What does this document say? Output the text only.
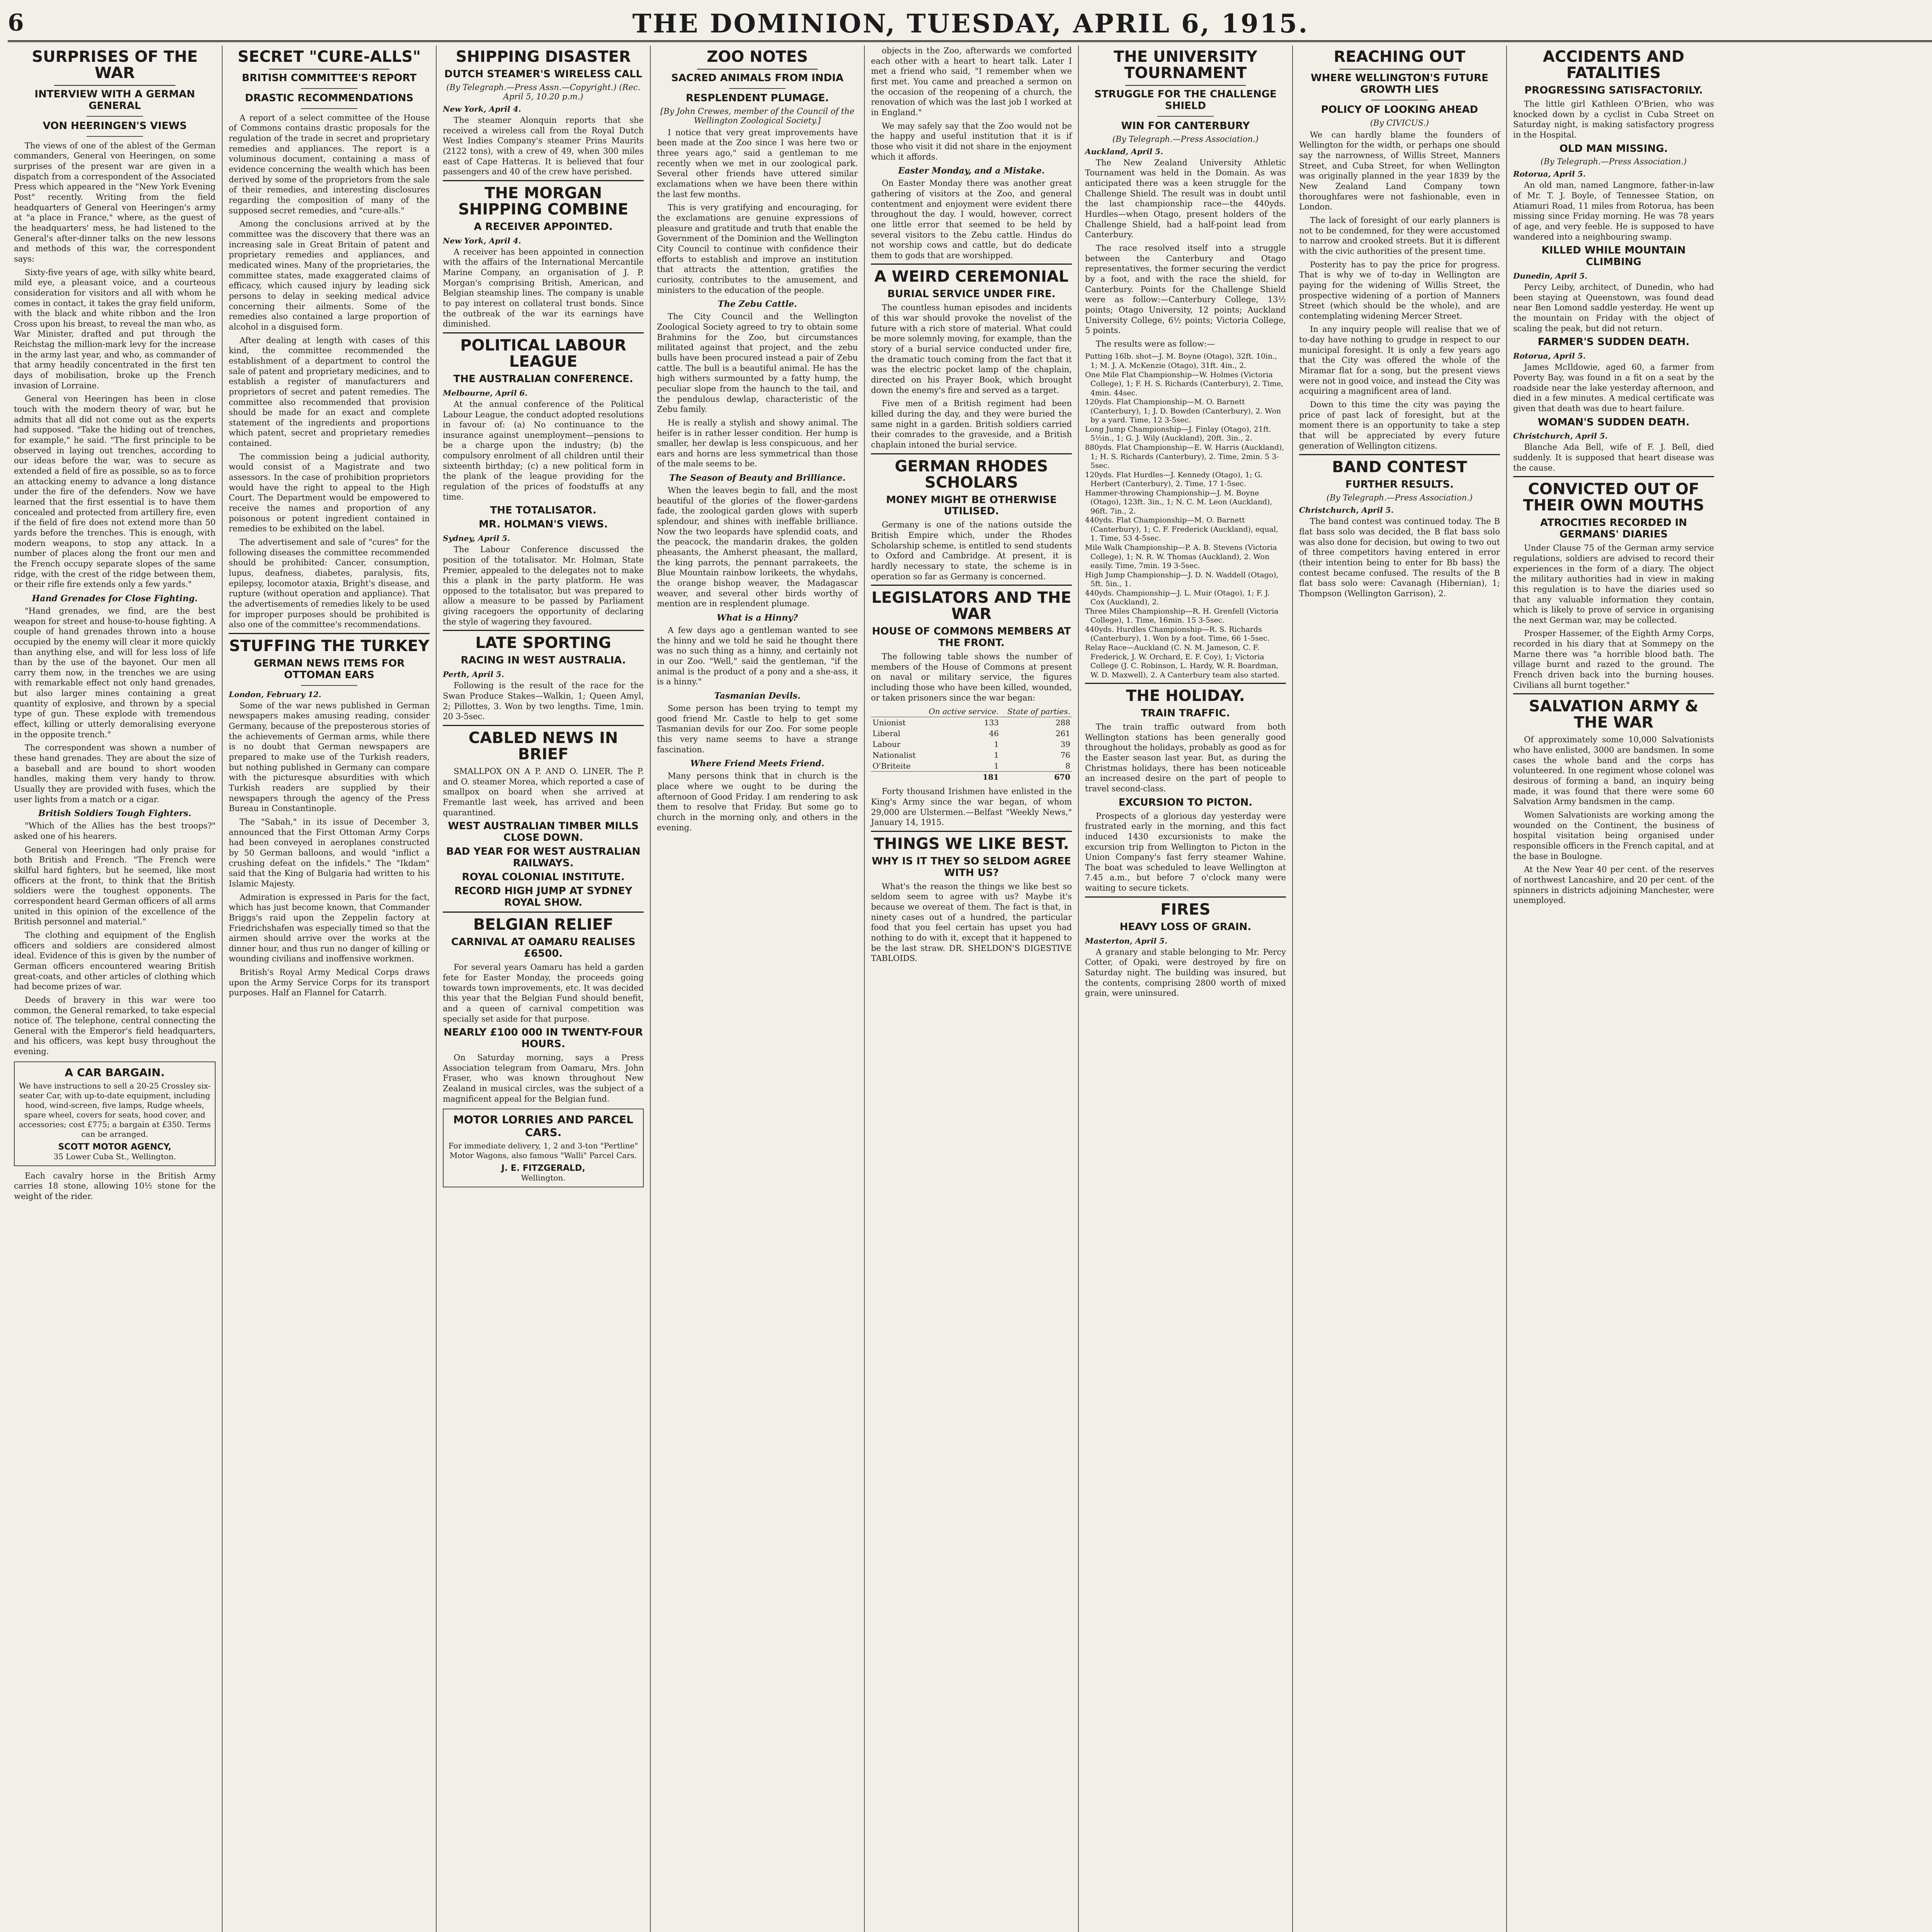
6	THE DOMINION, TUESDAY, APRIL 6, 1915.
SURPRISES OF THE WAR
INTERVIEW WITH A GERMAN GENERAL
VON HEERINGEN'S VIEWS

The views of one of the ablest of the German commanders, General von Heeringen, on some surprises of the present war are given in a dispatch from a correspondent of the Associated Press which appeared in the "New York Evening Post" recently. Writing from the field headquarters of General von Heeringen's army at "a place in France," where, as the guest of the headquarters' mess, he had listened to the General's after-dinner talks on the new lessons and methods of this war, the correspondent says:

Sixty-five years of age, with silky white beard, mild eye, a pleasant voice, and a courteous consideration for visitors and all with whom he comes in contact, it takes the gray field uniform, with the black and white ribbon and the Iron Cross upon his breast, to reveal the man who, as War Minister, drafted and put through the Reichstag the million-mark levy for the increase in the army last year, and who, as commander of that army headily concentrated in the first ten days of mobilisation, broke up the French invasion of Lorraine.

General von Heeringen has been in close touch with the modern theory of war, but he admits that all did not come out as the experts had supposed. "Take the hiding out of trenches, for example," he said. "The first principle to be observed in laying out trenches, according to our ideas before the war, was to secure as extended a field of fire as possible, so as to force an attacking enemy to advance a long distance under the fire of the defenders. Now we have learned that the first essential is to have them concealed and protected from artillery fire, even if the field of fire does not extend more than 50 yards before the trenches. This is enough, with modern weapons, to stop any attack. In a number of places along the front our men and the French occupy separate slopes of the same ridge, with the crest of the ridge between them, or their rifle fire extends only a few yards."

Hand Grenades for Close Fighting.

"Hand grenades, we find, are the best weapon for street and house-to-house fighting. A couple of hand grenades thrown into a house occupied by the enemy will clear it more quickly than anything else, and will for less loss of life than by the use of the bayonet. Our men all carry them now, in the trenches we are using with remarkable effect not only hand grenades, but also larger mines containing a great quantity of explosive, and thrown by a special type of gun. These explode with tremendous effect, killing or utterly demoralising everyone in the opposite trench."

The correspondent was shown a number of these hand grenades. They are about the size of a baseball and are bound to short wooden handles, making them very handy to throw. Usually they are provided with fuses, which the user lights from a match or a cigar.

British Soldiers Tough Fighters.

"Which of the Allies has the best troops?" asked one of his hearers.

General von Heeringen had only praise for both British and French. "The French were skilful hard fighters, but he seemed, like most officers at the front, to think that the British soldiers were the toughest opponents. The correspondent heard German officers of all arms united in this opinion of the excellence of the British personnel and material."

The clothing and equipment of the English officers and soldiers are considered almost ideal. Evidence of this is given by the number of German officers encountered wearing British great-coats, and other articles of clothing which had become prizes of war.

Deeds of bravery in this war were too common, the General remarked, to take especial notice of. The telephone, central connecting the General with the Emperor's field headquarters, and his officers, was kept busy throughout the evening.

A CAR BARGAIN.
We have instructions to sell a 20-25 Crossley six-seater Car, with up-to-date equipment, including hood, wind-screen, five lamps, Rudge wheels, spare wheel, covers for seats, hood cover, and accessories; cost £775; a bargain at £350. Terms can be arranged.
SCOTT MOTOR AGENCY,
35 Lower Cuba St., Wellington.

Each cavalry horse in the British Army carries 18 stone, allowing 10½ stone for the weight of the rider.

SECRET "CURE-ALLS"
BRITISH COMMITTEE'S REPORT
DRASTIC RECOMMENDATIONS

A report of a select committee of the House of Commons contains drastic proposals for the regulation of the trade in secret and proprietary remedies and appliances. The report is a voluminous document, containing a mass of evidence concerning the wealth which has been derived by some of the proprietors from the sale of their remedies, and interesting disclosures regarding the composition of many of the supposed secret remedies, and "cure-alls."

Among the conclusions arrived at by the committee was the discovery that there was an increasing sale in Great Britain of patent and proprietary remedies and appliances, and medicated wines. Many of the proprietaries, the committee states, made exaggerated claims of efficacy, which caused injury by leading sick persons to delay in seeking medical advice concerning their ailments. Some of the remedies also contained a large proportion of alcohol in a disguised form.

After dealing at length with cases of this kind, the committee recommended the establishment of a department to control the sale of patent and proprietary medicines, and to establish a register of manufacturers and proprietors of secret and patent remedies. The committee also recommended that provision should be made for an exact and complete statement of the ingredients and proportions which patent, secret and proprietary remedies contained.

The commission being a judicial authority, would consist of a Magistrate and two assessors. In the case of prohibition proprietors would have the right to appeal to the High Court. The Department would be empowered to receive the names and proportion of any poisonous or potent ingredient contained in remedies to be exhibited on the label.

The advertisement and sale of "cures" for the following diseases the committee recommended should be prohibited: Cancer, consumption, lupus, deafness, diabetes, paralysis, fits, epilepsy, locomotor ataxia, Bright's disease, and rupture (without operation and appliance). That the advertisements of remedies likely to be used for improper purposes should be prohibited is also one of the committee's recommendations.

STUFFING THE TURKEY
GERMAN NEWS ITEMS FOR OTTOMAN EARS
London, February 12.

Some of the war news published in German newspapers makes amusing reading, consider Germany, because of the preposterous stories of the achievements of German arms, while there is no doubt that German newspapers are prepared to make use of the Turkish readers, but nothing published in Germany can compare with the picturesque absurdities with which Turkish readers are supplied by their newspapers through the agency of the Press Bureau in Constantinople.

The "Sabah," in its issue of December 3, announced that the First Ottoman Army Corps had been conveyed in aeroplanes constructed by 50 German balloons, and would "inflict a crushing defeat on the infidels." The "Ikdam" said that the King of Bulgaria had written to his Islamic Majesty.

Admiration is expressed in Paris for the fact, which has just become known, that Commander Briggs's raid upon the Zeppelin factory at Friedrichshafen was especially timed so that the airmen should arrive over the works at the dinner hour, and thus run no danger of killing or wounding civilians and inoffensive workmen.

British's Royal Army Medical Corps draws upon the Army Service Corps for its transport purposes. Half an Flannel for Catarrh.

SHIPPING DISASTER
DUTCH STEAMER'S WIRELESS CALL
(By Telegraph.—Press Assn.—Copyright.) (Rec. April 5, 10.20 p.m.)
New York, April 4.

The steamer Alonquin reports that she received a wireless call from the Royal Dutch West Indies Company's steamer Prins Maurits (2122 tons), with a crew of 49, when 300 miles east of Cape Hatteras. It is believed that four passengers and 40 of the crew have perished.

THE MORGAN SHIPPING COMBINE
A RECEIVER APPOINTED.
New York, April 4.

A receiver has been appointed in connection with the affairs of the International Mercantile Marine Company, an organisation of J. P. Morgan's comprising British, American, and Belgian steamship lines. The company is unable to pay interest on collateral trust bonds. Since the outbreak of the war its earnings have diminished.

POLITICAL LABOUR LEAGUE
THE AUSTRALIAN CONFERENCE.
Melbourne, April 6.

At the annual conference of the Political Labour League, the conduct adopted resolutions in favour of: (a) No continuance to the insurance against unemployment—pensions to be a charge upon the industry; (b) the compulsory enrolment of all children until their sixteenth birthday; (c) a new political form in the plank of the league providing for the regulation of the prices of foodstuffs at any time.

THE TOTALISATOR.
MR. HOLMAN'S VIEWS.
Sydney, April 5.

The Labour Conference discussed the position of the totalisator. Mr. Holman, State Premier, appealed to the delegates not to make this a plank in the party platform. He was opposed to the totalisator, but was prepared to allow a measure to be passed by Parliament giving racegoers the opportunity of declaring the style of wagering they favoured.

LATE SPORTING
RACING IN WEST AUSTRALIA.
Perth, April 5.

Following is the result of the race for the Swan Produce Stakes—Walkin, 1; Queen Amyl, 2; Pillottes, 3. Won by two lengths. Time, 1min. 20 3-5sec.

CABLED NEWS IN BRIEF

SMALLPOX ON A P. AND O. LINER. The P. and O. steamer Morea, which reported a case of smallpox on board when she arrived at Fremantle last week, has arrived and been quarantined.

WEST AUSTRALIAN TIMBER MILLS CLOSE DOWN.
BAD YEAR FOR WEST AUSTRALIAN RAILWAYS.
ROYAL COLONIAL INSTITUTE.
RECORD HIGH JUMP AT SYDNEY ROYAL SHOW.
BELGIAN RELIEF
CARNIVAL AT OAMARU REALISES £6500.

For several years Oamaru has held a garden fete for Easter Monday, the proceeds going towards town improvements, etc. It was decided this year that the Belgian Fund should benefit, and a queen of carnival competition was specially set aside for that purpose.

NEARLY £100 000 IN TWENTY-FOUR HOURS.

On Saturday morning, says a Press Association telegram from Oamaru, Mrs. John Fraser, who was known throughout New Zealand in musical circles, was the subject of a magnificent appeal for the Belgian fund.

MOTOR LORRIES AND PARCEL CARS.
For immediate delivery, 1, 2 and 3-ton "Pertline" Motor Wagons, also famous "Walli" Parcel Cars.
J. E. FITZGERALD,
Wellington.
ZOO NOTES
SACRED ANIMALS FROM INDIA
RESPLENDENT PLUMAGE.
[By John Crewes, member of the Council of the Wellington Zoological Society.]

I notice that very great improvements have been made at the Zoo since I was here two or three years ago," said a gentleman to me recently when we met in our zoological park. Several other friends have uttered similar exclamations when we have been there within the last few months.

This is very gratifying and encouraging, for the exclamations are genuine expressions of pleasure and gratitude and truth that enable the Government of the Dominion and the Wellington City Council to continue with confidence their efforts to establish and improve an institution that attracts the attention, gratifies the curiosity, contributes to the amusement, and ministers to the education of the people.

The Zebu Cattle.

The City Council and the Wellington Zoological Society agreed to try to obtain some Brahmins for the Zoo, but circumstances militated against that project, and the zebu bulls have been procured instead a pair of Zebu cattle. The bull is a beautiful animal. He has the high withers surmounted by a fatty hump, the peculiar slope from the haunch to the tail, and the pendulous dewlap, characteristic of the Zebu family.

He is really a stylish and showy animal. The heifer is in rather lesser condition. Her hump is smaller, her dewlap is less conspicuous, and her ears and horns are less symmetrical than those of the male seems to be.

The Season of Beauty and Brilliance.

When the leaves begin to fall, and the most beautiful of the glories of the flower-gardens fade, the zoological garden glows with superb splendour, and shines with ineffable brilliance. Now the two leopards have splendid coats, and the peacock, the mandarin drakes, the golden pheasants, the Amherst pheasant, the mallard, the king parrots, the pennant parrakeets, the Blue Mountain rainbow lorikeets, the whydahs, the orange bishop weaver, the Madagascar weaver, and several other birds worthy of mention are in resplendent plumage.

What is a Hinny?

A few days ago a gentleman wanted to see the hinny and we told he said he thought there was no such thing as a hinny, and certainly not in our Zoo. "Well," said the gentleman, "if the animal is the product of a pony and a she-ass, it is a hinny."

Tasmanian Devils.

Some person has been trying to tempt my good friend Mr. Castle to help to get some Tasmanian devils for our Zoo. For some people this very name seems to have a strange fascination.

Where Friend Meets Friend.

Many persons think that in church is the place where we ought to be during the afternoon of Good Friday. I am rendering to ask them to resolve that Friday. But some go to church in the morning only, and others in the evening.

objects in the Zoo, afterwards we comforted each other with a heart to heart talk. Later I met a friend who said, "I remember when we first met. You came and preached a sermon on the occasion of the reopening of a church, the renovation of which was the last job I worked at in England."

We may safely say that the Zoo would not be the happy and useful institution that it is if those who visit it did not share in the enjoyment which it affords.

Easter Monday, and a Mistake.

On Easter Monday there was another great gathering of visitors at the Zoo, and general contentment and enjoyment were evident there throughout the day. I would, however, correct one little error that seemed to be held by several visitors to the Zebu cattle. Hindus do not worship cows and cattle, but do dedicate them to gods that are worshipped.

A WEIRD CEREMONIAL
BURIAL SERVICE UNDER FIRE.

The countless human episodes and incidents of this war should provoke the novelist of the future with a rich store of material. What could be more solemnly moving, for example, than the story of a burial service conducted under fire, the dramatic touch coming from the fact that it was the electric pocket lamp of the chaplain, directed on his Prayer Book, which brought down the enemy's fire and served as a target.

Five men of a British regiment had been killed during the day, and they were buried the same night in a garden. British soldiers carried their comrades to the graveside, and a British chaplain intoned the burial service.

GERMAN RHODES SCHOLARS
MONEY MIGHT BE OTHERWISE UTILISED.

Germany is one of the nations outside the British Empire which, under the Rhodes Scholarship scheme, is entitled to send students to Oxford and Cambridge. At present, it is hardly necessary to state, the scheme is in operation so far as Germany is concerned.

LEGISLATORS AND THE WAR
HOUSE OF COMMONS MEMBERS AT THE FRONT.

The following table shows the number of members of the House of Commons at present on naval or military service, the figures including those who have been killed, wounded, or taken prisoners since the war began:

	On active service.	State of parties.
Unionist	133	288
Liberal	46	261
Labour	1	39
Nationalist	1	76
O'Briteite	1	8
	181	670

Forty thousand Irishmen have enlisted in the King's Army since the war began, of whom 29,000 are Ulstermen.—Belfast "Weekly News," January 14, 1915.

THINGS WE LIKE BEST.
WHY IS IT THEY SO SELDOM AGREE WITH US?

What's the reason the things we like best so seldom seem to agree with us? Maybe it's because we overeat of them. The fact is that, in ninety cases out of a hundred, the particular food that you feel certain has upset you had nothing to do with it, except that it happened to be the last straw. DR. SHELDON'S DIGESTIVE TABLOIDS.

THE UNIVERSITY TOURNAMENT
STRUGGLE FOR THE CHALLENGE SHIELD
WIN FOR CANTERBURY
(By Telegraph.—Press Association.)
Auckland, April 5.

The New Zealand University Athletic Tournament was held in the Domain. As was anticipated there was a keen struggle for the Challenge Shield. The result was in doubt until the last championship race—the 440yds. Hurdles—when Otago, present holders of the Challenge Shield, had a half-point lead from Canterbury.

The race resolved itself into a struggle between the Canterbury and Otago representatives, the former securing the verdict by a foot, and with the race the shield, for Canterbury. Points for the Challenge Shield were as follow:—Canterbury College, 13½ points; Otago University, 12 points; Auckland University College, 6½ points; Victoria College, 5 points.

The results were as follow:—

Putting 16lb. shot—J. M. Boyne (Otago), 32ft. 10in., 1; M. J. A. McKenzie (Otago), 31ft. 4in., 2.
One Mile Flat Championship—W. Holmes (Victoria College), 1; F. H. S. Richards (Canterbury), 2. Time, 4min. 44sec.
120yds. Flat Championship—M. O. Barnett (Canterbury), 1; J. D. Bowden (Canterbury), 2. Won by a yard. Time, 12 3-5sec.
Long Jump Championship—J. Finlay (Otago), 21ft. 5½in., 1; G. J. Wily (Auckland), 20ft. 3in., 2.
880yds. Flat Championship—E. W. Harris (Auckland), 1; H. S. Richards (Canterbury), 2. Time, 2min. 5 3-5sec.
120yds. Flat Hurdles—J. Kennedy (Otago), 1; G. Herbert (Canterbury), 2. Time, 17 1-5sec.
Hammer-throwing Championship—J. M. Boyne (Otago), 123ft. 3in., 1; N. C. M. Leon (Auckland), 96ft. 7in., 2.
440yds. Flat Championship—M. O. Barnett (Canterbury), 1; C. F. Frederick (Auckland), equal, 1. Time, 53 4-5sec.
Mile Walk Championship—P. A. B. Stevens (Victoria College), 1; N. R. W. Thomas (Auckland), 2. Won easily. Time, 7min. 19 3-5sec.
High Jump Championship—J. D. N. Waddell (Otago), 5ft. 5in., 1.
440yds. Championship—J. L. Muir (Otago), 1; F. J. Cox (Auckland), 2.
Three Miles Championship—R. H. Grenfell (Victoria College), 1. Time, 16min. 15 3-5sec.
440yds. Hurdles Championship—R. S. Richards (Canterbury), 1. Won by a foot. Time, 66 1-5sec.
Relay Race—Auckland (C. N. M. Jameson, C. F. Frederick, J. W. Orchard, E. F. Coy), 1; Victoria College (J. C. Robinson, L. Hardy, W. R. Boardman, W. D. Maxwell), 2. A Canterbury team also started.
THE HOLIDAY.
TRAIN TRAFFIC.

The train traffic outward from both Wellington stations has been generally good throughout the holidays, probably as good as for the Easter season last year. But, as during the Christmas holidays, there has been noticeable an increased desire on the part of people to travel second-class.

EXCURSION TO PICTON.

Prospects of a glorious day yesterday were frustrated early in the morning, and this fact induced 1430 excursionists to make the excursion trip from Wellington to Picton in the Union Company's fast ferry steamer Wahine. The boat was scheduled to leave Wellington at 7.45 a.m., but before 7 o'clock many were waiting to secure tickets.

FIRES
HEAVY LOSS OF GRAIN.
Masterton, April 5.

A granary and stable belonging to Mr. Percy Cotter, of Opaki, were destroyed by fire on Saturday night. The building was insured, but the contents, comprising 2800 worth of mixed grain, were uninsured.

REACHING OUT
WHERE WELLINGTON'S FUTURE GROWTH LIES
POLICY OF LOOKING AHEAD
(By CIVICUS.)

We can hardly blame the founders of Wellington for the width, or perhaps one should say the narrowness, of Willis Street, Manners Street, and Cuba Street, for when Wellington was originally planned in the year 1839 by the New Zealand Land Company town thoroughfares were not fashionable, even in London.

The lack of foresight of our early planners is not to be condemned, for they were accustomed to narrow and crooked streets. But it is different with the civic authorities of the present time.

Posterity has to pay the price for progress. That is why we of to-day in Wellington are paying for the widening of Willis Street, the prospective widening of a portion of Manners Street (which should be the whole), and are contemplating widening Mercer Street.

In any inquiry people will realise that we of to-day have nothing to grudge in respect to our municipal foresight. It is only a few years ago that the City was offered the whole of the Miramar flat for a song, but the present views were not in good voice, and instead the City was acquiring a magnificent area of land.

Down to this time the city was paying the price of past lack of foresight, but at the moment there is an opportunity to take a step that will be appreciated by every future generation of Wellington citizens.

BAND CONTEST
FURTHER RESULTS.
(By Telegraph.—Press Association.)
Christchurch, April 5.

The band contest was continued today. The B flat bass solo was decided, the B flat bass solo was also done for decision, but owing to two out of three competitors having entered in error (their intention being to enter for Bb bass) the contest became confused. The results of the B flat bass solo were: Cavanagh (Hibernian), 1; Thompson (Wellington Garrison), 2.

ACCIDENTS AND FATALITIES
PROGRESSING SATISFACTORILY.

The little girl Kathleen O'Brien, who was knocked down by a cyclist in Cuba Street on Saturday night, is making satisfactory progress in the Hospital.

OLD MAN MISSING.
(By Telegraph.—Press Association.)
Rotorua, April 5.

An old man, named Langmore, father-in-law of Mr. T. J. Boyle, of Tennessee Station, on Atiamuri Road, 11 miles from Rotorua, has been missing since Friday morning. He was 78 years of age, and very feeble. He is supposed to have wandered into a neighbouring swamp.

KILLED WHILE MOUNTAIN CLIMBING
Dunedin, April 5.

Percy Leiby, architect, of Dunedin, who had been staying at Queenstown, was found dead near Ben Lomond saddle yesterday. He went up the mountain on Friday with the object of scaling the peak, but did not return.

FARMER'S SUDDEN DEATH.
Rotorua, April 5.

James McIldowie, aged 60, a farmer from Poverty Bay, was found in a fit on a seat by the roadside near the lake yesterday afternoon, and died in a few minutes. A medical certificate was given that death was due to heart failure.

WOMAN'S SUDDEN DEATH.
Christchurch, April 5.

Blanche Ada Bell, wife of F. J. Bell, died suddenly. It is supposed that heart disease was the cause.

CONVICTED OUT OF THEIR OWN MOUTHS
ATROCITIES RECORDED IN GERMANS' DIARIES

Under Clause 75 of the German army service regulations, soldiers are advised to record their experiences in the form of a diary. The object the military authorities had in view in making this regulation is to have the diaries used so that any valuable information they contain, which is likely to prove of service in organising the next German war, may be collected.

Prosper Hassemer, of the Eighth Army Corps, recorded in his diary that at Sommepy on the Marne there was "a horrible blood bath. The village burnt and razed to the ground. The French driven back into the burning houses. Civilians all burnt together."

SALVATION ARMY & THE WAR

Of approximately some 10,000 Salvationists who have enlisted, 3000 are bandsmen. In some cases the whole band and the corps has volunteered. In one regiment whose colonel was desirous of forming a band, an inquiry being made, it was found that there were some 60 Salvation Army bandsmen in the camp.

Women Salvationists are working among the wounded on the Continent, the business of hospital visitation being organised under responsible officers in the French capital, and at the base in Boulogne.

At the New Year 40 per cent. of the reserves of northwest Lancashire, and 20 per cent. of the spinners in districts adjoining Manchester, were unemployed.
